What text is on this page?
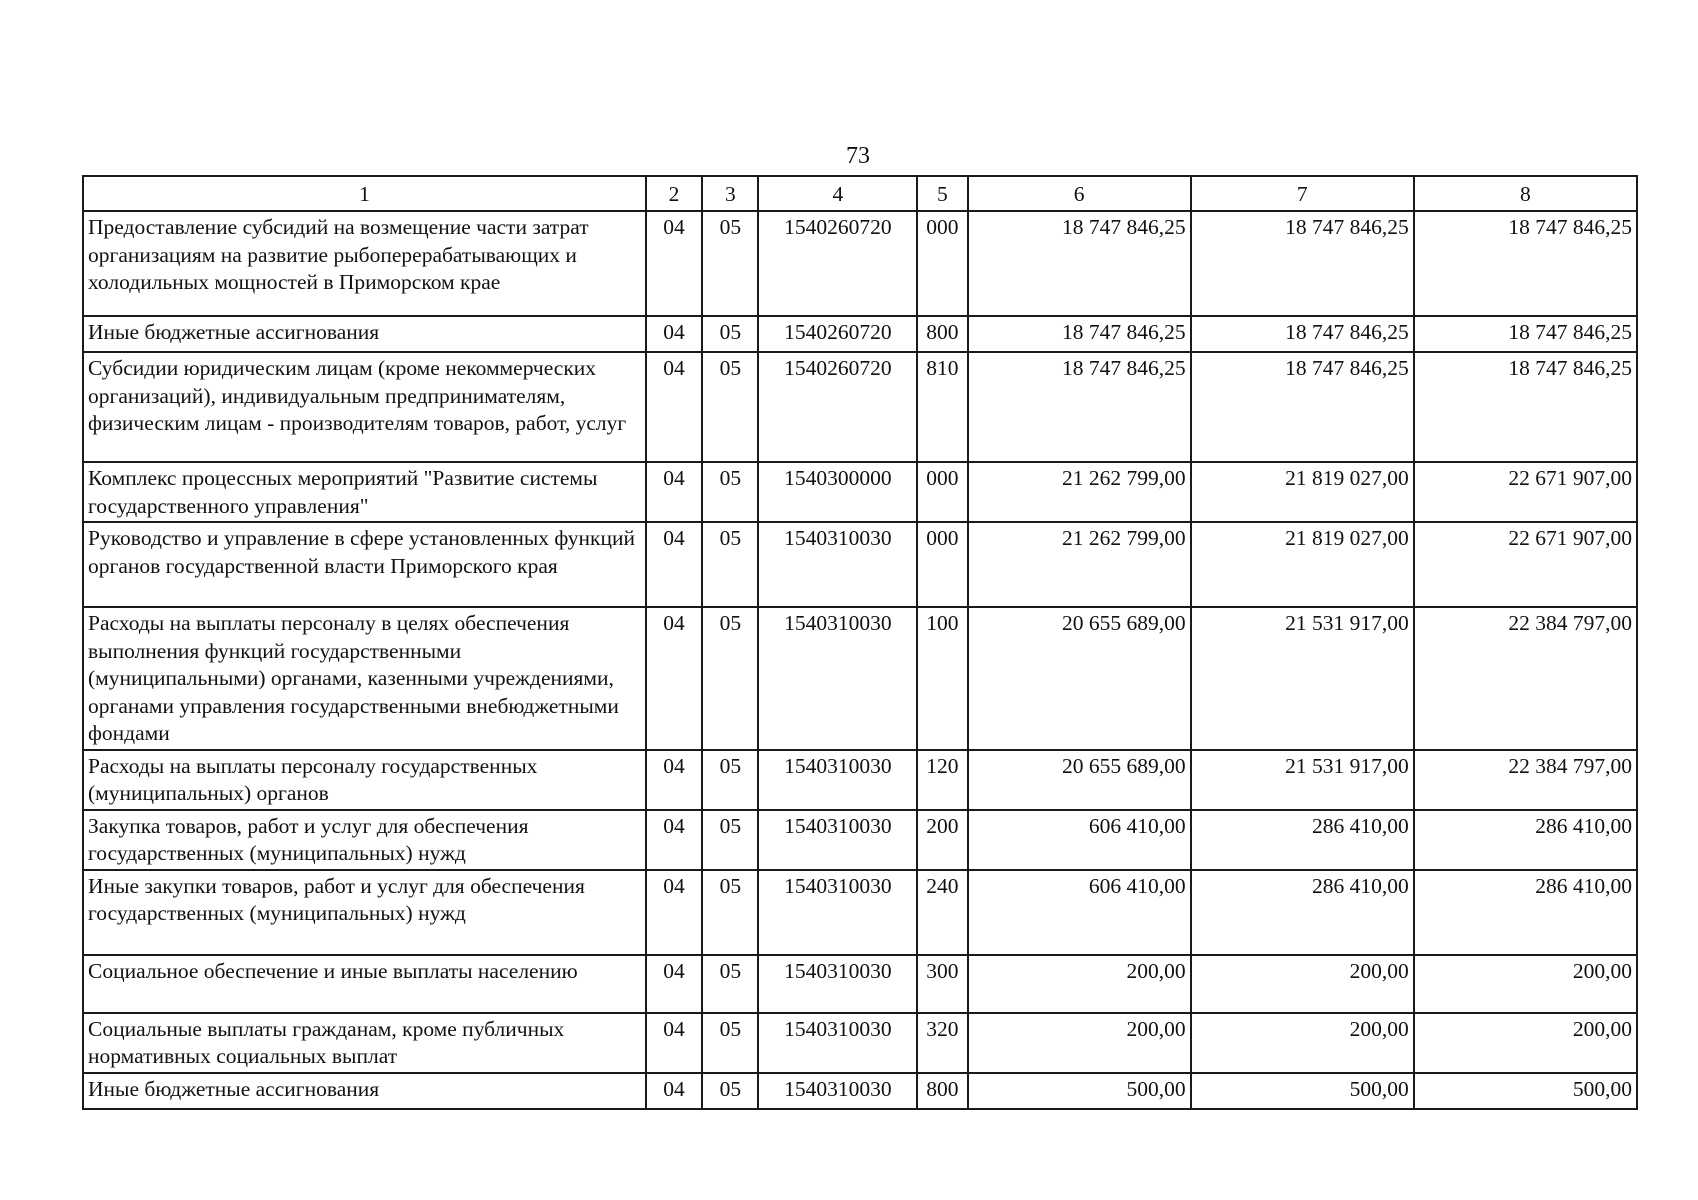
73
1	2	3	4	5	6	7	8
Предоставление субсидий на возмещение части затрат организациям на развитие рыбоперерабатывающих и холодильных мощностей в Приморском крае	04	05	1540260720	000	18 747 846,25	18 747 846,25	18 747 846,25
Иные бюджетные ассигнования	04	05	1540260720	800	18 747 846,25	18 747 846,25	18 747 846,25
Субсидии юридическим лицам (кроме некоммерческих организаций), индивидуальным предпринимателям, физическим лицам - производителям товаров, работ, услуг	04	05	1540260720	810	18 747 846,25	18 747 846,25	18 747 846,25
Комплекс процессных мероприятий "Развитие системы государственного управления"	04	05	1540300000	000	21 262 799,00	21 819 027,00	22 671 907,00
Руководство и управление в сфере установленных функций органов государственной власти Приморского края	04	05	1540310030	000	21 262 799,00	21 819 027,00	22 671 907,00
Расходы на выплаты персоналу в целях обеспечения выполнения функций государственными (муниципальными) органами, казенными учреждениями, органами управления государственными внебюджетными фондами	04	05	1540310030	100	20 655 689,00	21 531 917,00	22 384 797,00
Расходы на выплаты персоналу государственных (муниципальных) органов	04	05	1540310030	120	20 655 689,00	21 531 917,00	22 384 797,00
Закупка товаров, работ и услуг для обеспечения государственных (муниципальных) нужд	04	05	1540310030	200	606 410,00	286 410,00	286 410,00
Иные закупки товаров, работ и услуг для обеспечения государственных (муниципальных) нужд	04	05	1540310030	240	606 410,00	286 410,00	286 410,00
Социальное обеспечение и иные выплаты населению	04	05	1540310030	300	200,00	200,00	200,00
Социальные выплаты гражданам, кроме публичных нормативных социальных выплат	04	05	1540310030	320	200,00	200,00	200,00
Иные бюджетные ассигнования	04	05	1540310030	800	500,00	500,00	500,00
